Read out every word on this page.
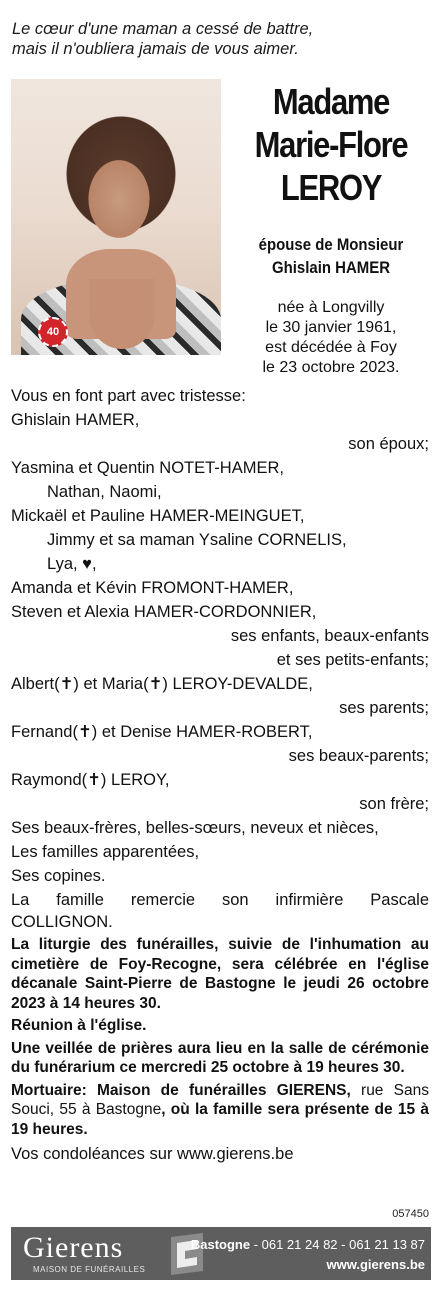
Le cœur d'une maman a cessé de battre,
mais il n'oubliera jamais de vous aimer.
40
Madame
Marie-Flore
LEROY
épouse de Monsieur
Ghislain HAMER
née à Longvilly
le 30 janvier 1961,
est décédée à Foy
le 23 octobre 2023.
Vous en font part avec tristesse:
Ghislain HAMER,
son époux;
Yasmina et Quentin NOTET-HAMER,
Nathan, Naomi,
Mickaël et Pauline HAMER-MEINGUET,
Jimmy et sa maman Ysaline CORNELIS,
Lya, ♥,
Amanda et Kévin FROMONT-HAMER,
Steven et Alexia HAMER-CORDONNIER,
ses enfants, beaux-enfants
et ses petits-enfants;
Albert(✝) et Maria(✝) LEROY-DEVALDE,
ses parents;
Fernand(✝) et Denise HAMER-ROBERT,
ses beaux-parents;
Raymond(✝) LEROY,
son frère;
Ses beaux-frères, belles-sœurs, neveux et nièces,
Les familles apparentées,
Ses copines.
La famille remercie son infirmière Pascale
COLLIGNON.
La liturgie des funérailles, suivie de l'inhumation au cimetière de Foy-Recogne, sera célébrée en l'église décanale Saint-Pierre de Bastogne le jeudi 26 octobre 2023 à 14 heures 30.
Réunion à l'église.
Une veillée de prières aura lieu en la salle de cérémonie du funérarium ce mercredi 25 octobre à 19 heures 30.
Mortuaire: Maison de funérailles GIERENS, rue Sans Souci, 55 à Bastogne, où la famille sera présente de 15 à 19 heures.
Vos condoléances sur www.gierens.be
057450
Gierens
MAISON DE FUNÉRAILLES
Bastogne - 061 21 24 82 - 061 21 13 87
www.gierens.be
